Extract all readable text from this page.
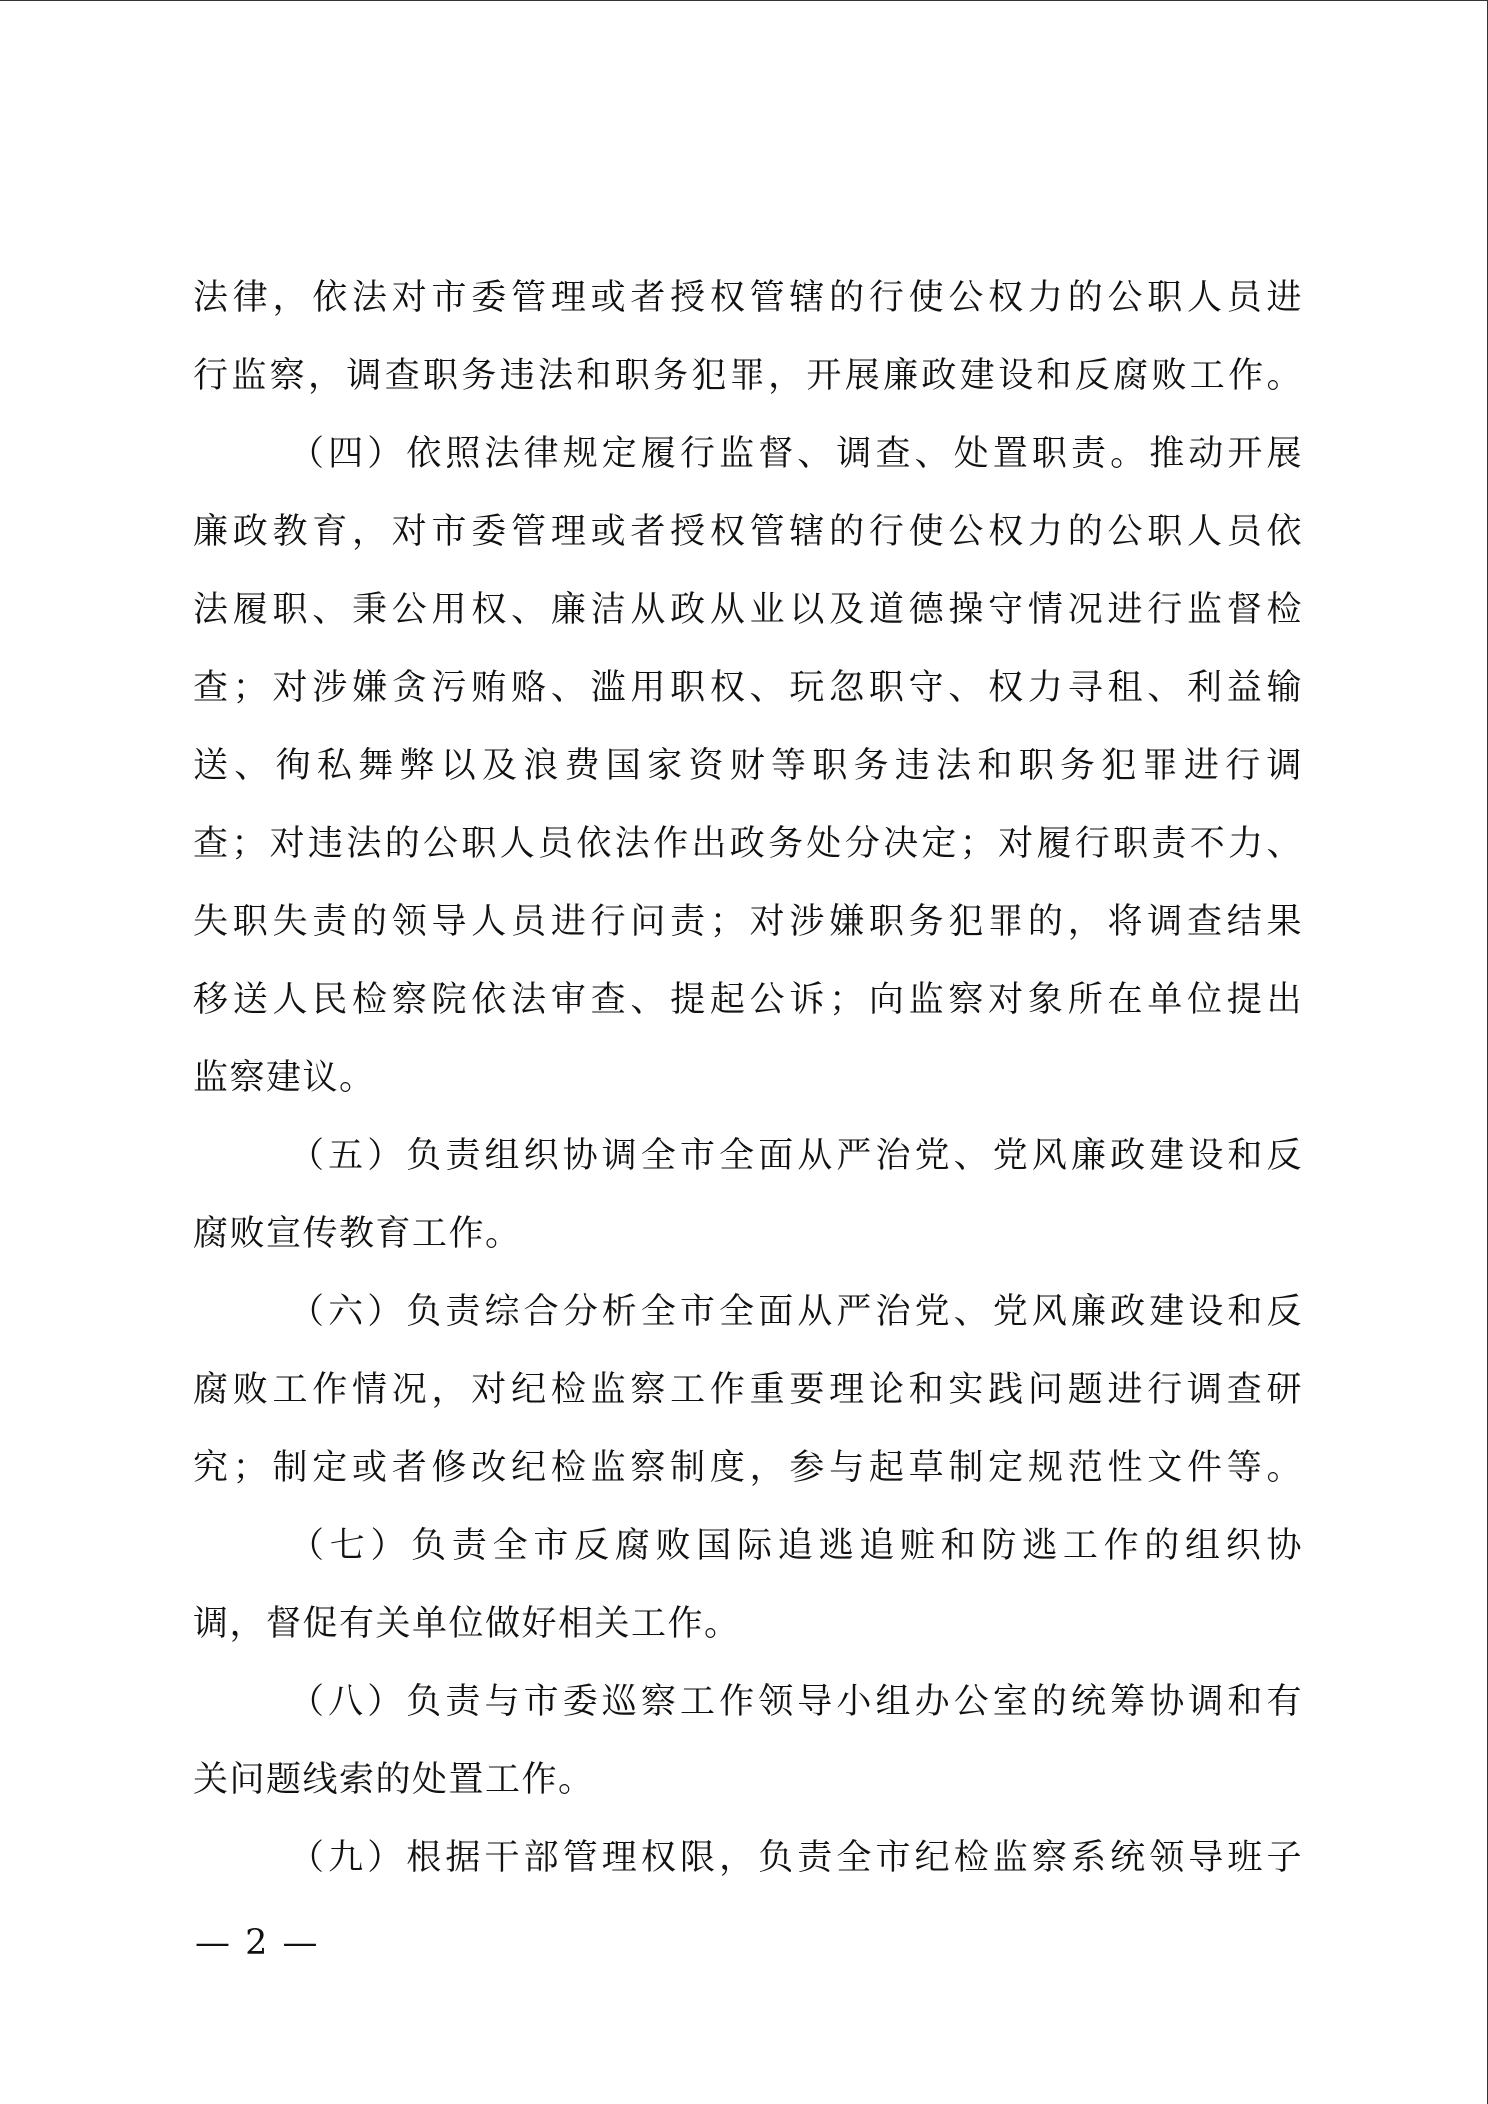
法律，依法对市委管理或者授权管辖的行使公权力的公职人员进
行监察，调查职务违法和职务犯罪，开展廉政建设和反腐败工作。
（四）依照法律规定履行监督、调查、处置职责。推动开展
廉政教育，对市委管理或者授权管辖的行使公权力的公职人员依
法履职、秉公用权、廉洁从政从业以及道德操守情况进行监督检
查；对涉嫌贪污贿赂、滥用职权、玩忽职守、权力寻租、利益输
送、徇私舞弊以及浪费国家资财等职务违法和职务犯罪进行调
查；对违法的公职人员依法作出政务处分决定；对履行职责不力、
失职失责的领导人员进行问责；对涉嫌职务犯罪的，将调查结果
移送人民检察院依法审查、提起公诉；向监察对象所在单位提出
监察建议。
（五）负责组织协调全市全面从严治党、党风廉政建设和反
腐败宣传教育工作。
（六）负责综合分析全市全面从严治党、党风廉政建设和反
腐败工作情况，对纪检监察工作重要理论和实践问题进行调查研
究；制定或者修改纪检监察制度，参与起草制定规范性文件等。
（七）负责全市反腐败国际追逃追赃和防逃工作的组织协
调，督促有关单位做好相关工作。
（八）负责与市委巡察工作领导小组办公室的统筹协调和有
关问题线索的处置工作。
（九）根据干部管理权限，负责全市纪检监察系统领导班子
— 2 —
